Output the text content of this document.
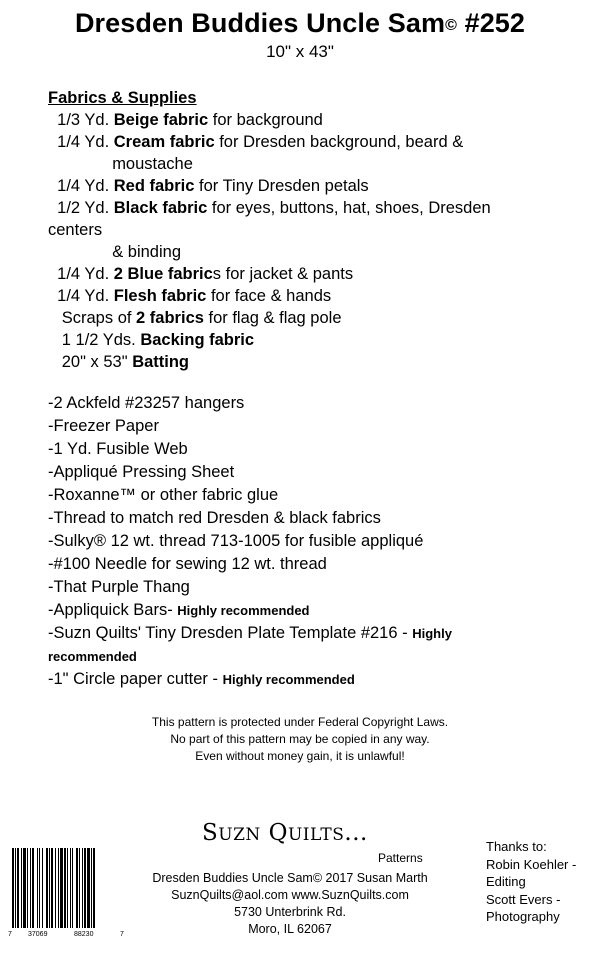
Dresden Buddies Uncle Sam© #252
10" x 43"
Fabrics & Supplies
1/3 Yd. Beige fabric for background
1/4 Yd. Cream fabric for Dresden background, beard &
moustache
1/4 Yd. Red fabric for Tiny Dresden petals
1/2 Yd. Black fabric for eyes, buttons, hat, shoes, Dresden
centers
& binding
1/4 Yd. 2 Blue fabrics for jacket & pants
1/4 Yd. Flesh fabric for face & hands
Scraps of 2 fabrics for flag & flag pole
1 1/2 Yds. Backing fabric
20" x 53" Batting
-2 Ackfeld #23257 hangers
-Freezer Paper
-1 Yd. Fusible Web
-Appliqué Pressing Sheet
-Roxanne™ or other fabric glue
-Thread to match red Dresden & black fabrics
-Sulky® 12 wt. thread 713-1005 for fusible appliqué
-#100 Needle for sewing 12 wt. thread
-That Purple Thang
-Appliquick Bars- Highly recommended
-Suzn Quilts' Tiny Dresden Plate Template #216 - Highly
recommended
-1" Circle paper cutter - Highly recommended
This pattern is protected under Federal Copyright Laws.
No part of this pattern may be copied in any way.
Even without money gain, it is unlawful!
7 37069	88230	7
SUZN QUILTS...
Patterns
Dresden Buddies Uncle Sam© 2017 Susan Marth
SuznQuilts@aol.com www.SuznQuilts.com
5730 Unterbrink Rd.
Moro, IL 62067
Thanks to:
Robin Koehler -
Editing
Scott Evers -
Photography
